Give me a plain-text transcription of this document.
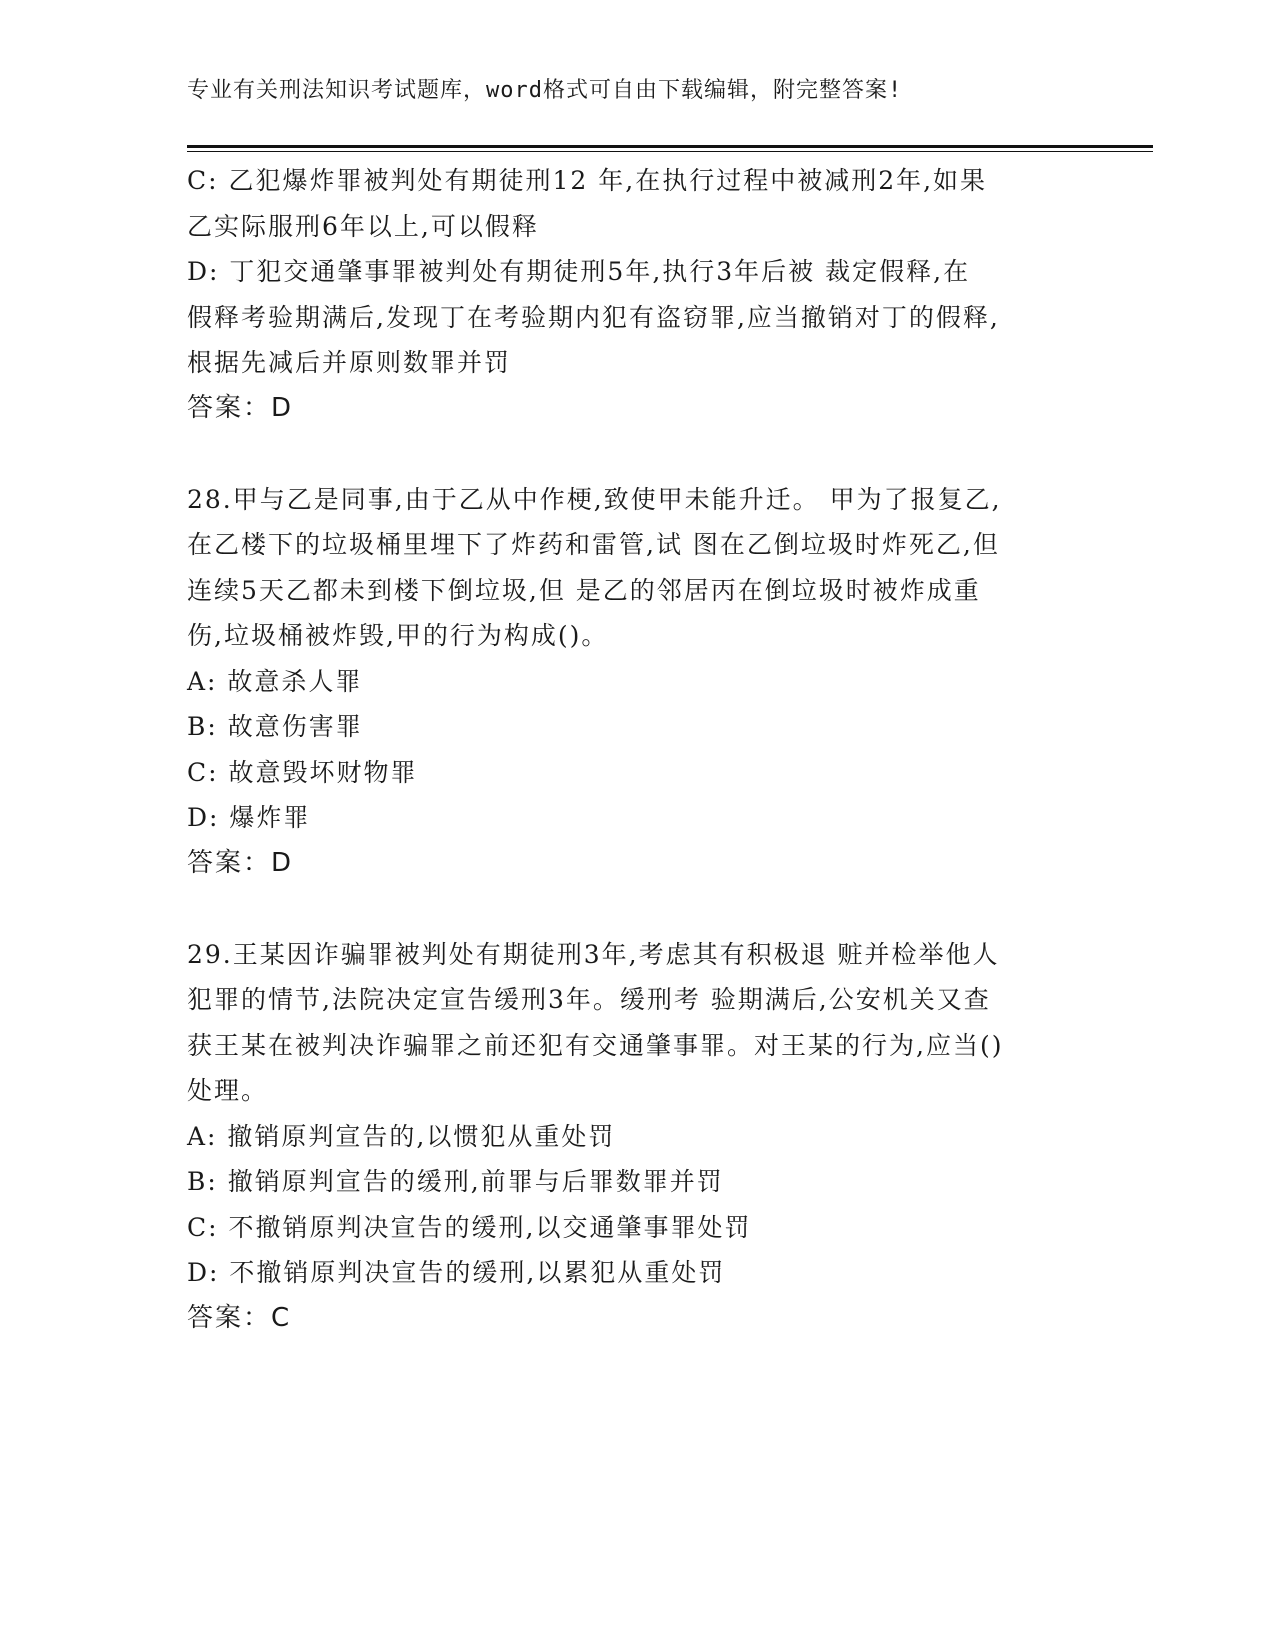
专业有关刑法知识考试题库，word格式可自由下载编辑，附完整答案!
C: 乙犯爆炸罪被判处有期徒刑12 年,在执行过程中被减刑2年,如果
乙实际服刑6年以上,可以假释
D: 丁犯交通肇事罪被判处有期徒刑5年,执行3年后被 裁定假释,在
假释考验期满后,发现丁在考验期内犯有盗窃罪,应当撤销对丁的假释,
根据先减后并原则数罪并罚
答案：D
28.甲与乙是同事,由于乙从中作梗,致使甲未能升迁。 甲为了报复乙,
在乙楼下的垃圾桶里埋下了炸药和雷管,试 图在乙倒垃圾时炸死乙,但
连续5天乙都未到楼下倒垃圾,但 是乙的邻居丙在倒垃圾时被炸成重
伤,垃圾桶被炸毁,甲的行为构成()。
A: 故意杀人罪
B: 故意伤害罪
C: 故意毁坏财物罪
D: 爆炸罪
答案：D
29.王某因诈骗罪被判处有期徒刑3年,考虑其有积极退 赃并检举他人
犯罪的情节,法院决定宣告缓刑3年。缓刑考 验期满后,公安机关又查
获王某在被判决诈骗罪之前还犯有交通肇事罪。对王某的行为,应当()
处理。
A: 撤销原判宣告的,以惯犯从重处罚
B: 撤销原判宣告的缓刑,前罪与后罪数罪并罚
C: 不撤销原判决宣告的缓刑,以交通肇事罪处罚
D: 不撤销原判决宣告的缓刑,以累犯从重处罚
答案：C
